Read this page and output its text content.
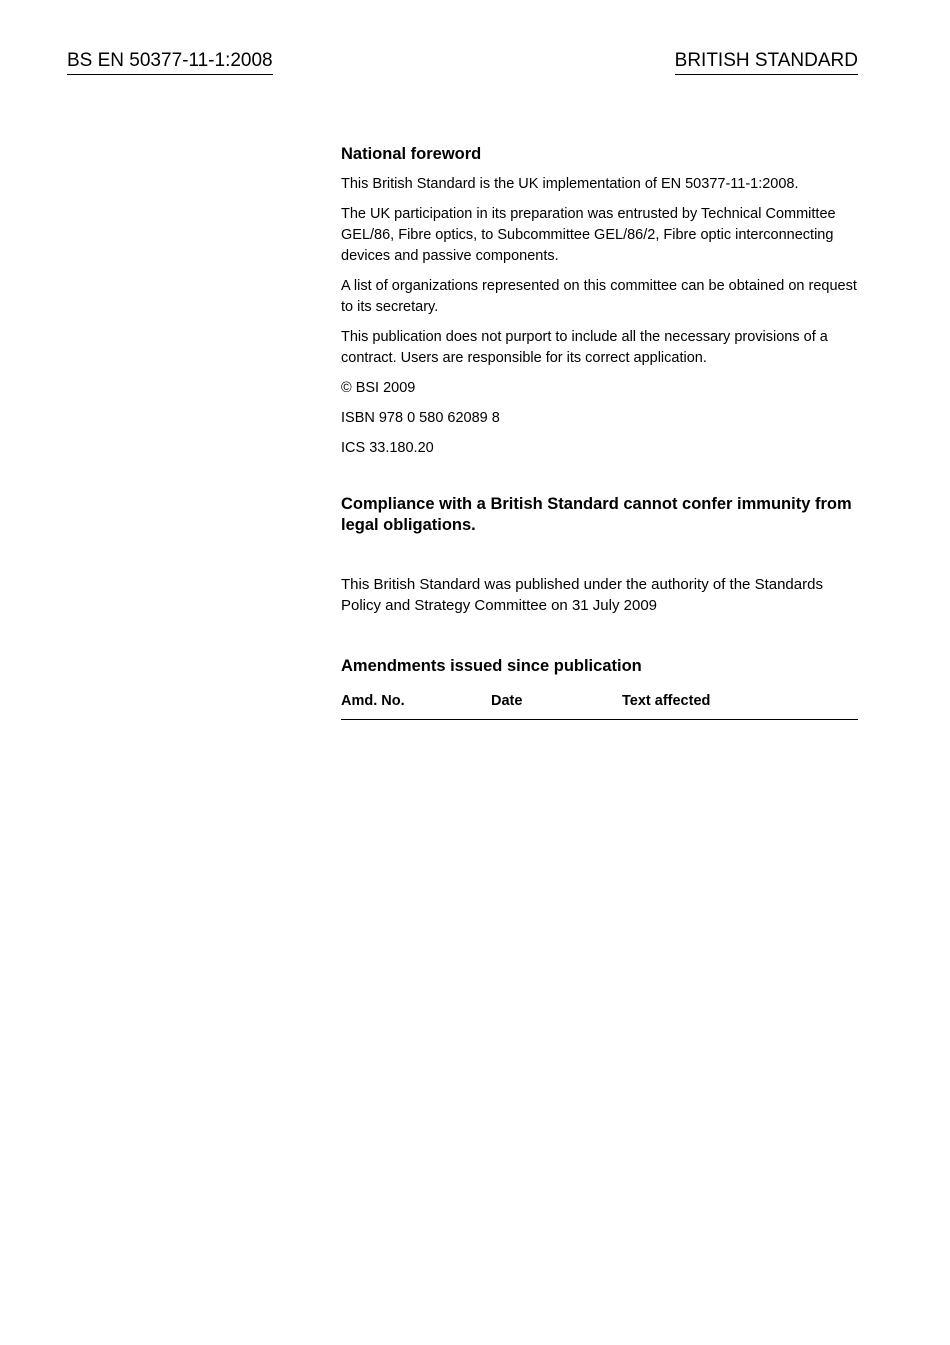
BS EN 50377-11-1:2008	BRITISH STANDARD

National foreword

This British Standard is the UK implementation of EN 50377-11-1:2008.

The UK participation in its preparation was entrusted by Technical Committee GEL/86, Fibre optics, to Subcommittee GEL/86/2, Fibre optic interconnecting devices and passive components.

A list of organizations represented on this committee can be obtained on request to its secretary.

This publication does not purport to include all the necessary provisions of a contract. Users are responsible for its correct application.

© BSI 2009

ISBN 978 0 580 62089 8

ICS 33.180.20

Compliance with a British Standard cannot confer immunity from legal obligations.

This British Standard was published under the authority of the Standards Policy and Strategy Committee on 31 July 2009

Amendments issued since publication

Amd. No.	Date	Text affected
